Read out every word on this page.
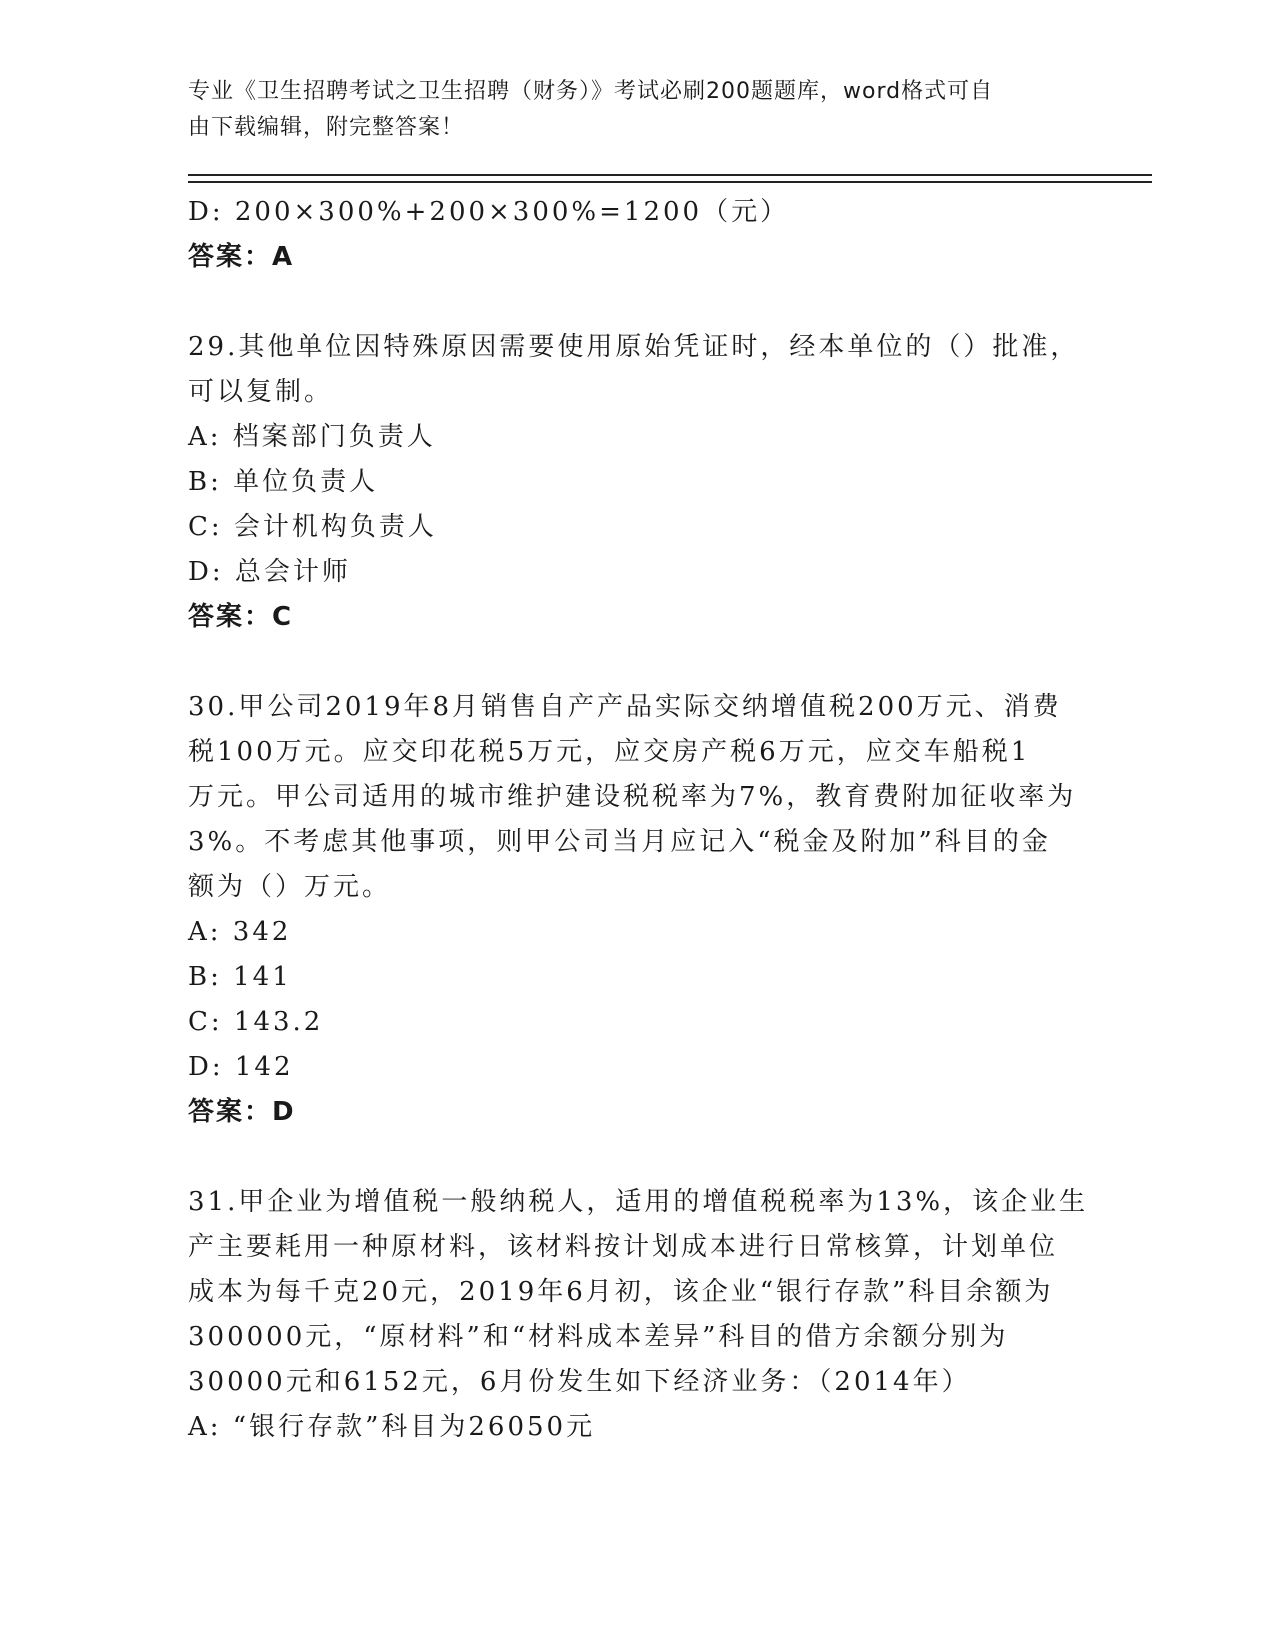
专业《卫生招聘考试之卫生招聘（财务）》考试必刷200题题库，word格式可自
由下载编辑，附完整答案！
D: 200×300%+200×300%=1200（元）
答案：A
29.其他单位因特殊原因需要使用原始凭证时，经本单位的（）批准，
可以复制。
A: 档案部门负责人
B: 单位负责人
C: 会计机构负责人
D: 总会计师
答案：C
30.甲公司2019年8月销售自产产品实际交纳增值税200万元、消费
税100万元。应交印花税5万元，应交房产税6万元，应交车船税1
万元。甲公司适用的城市维护建设税税率为7%，教育费附加征收率为
3%。不考虑其他事项，则甲公司当月应记入“税金及附加”科目的金
额为（）万元。
A: 342
B: 141
C: 143.2
D: 142
答案：D
31.甲企业为增值税一般纳税人，适用的增值税税率为13%，该企业生
产主要耗用一种原材料，该材料按计划成本进行日常核算，计划单位
成本为每千克20元，2019年6月初，该企业“银行存款”科目余额为
300000元，“原材料”和“材料成本差异”科目的借方余额分别为
30000元和6152元，6月份发生如下经济业务：（2014年）
A: “银行存款”科目为26050元
